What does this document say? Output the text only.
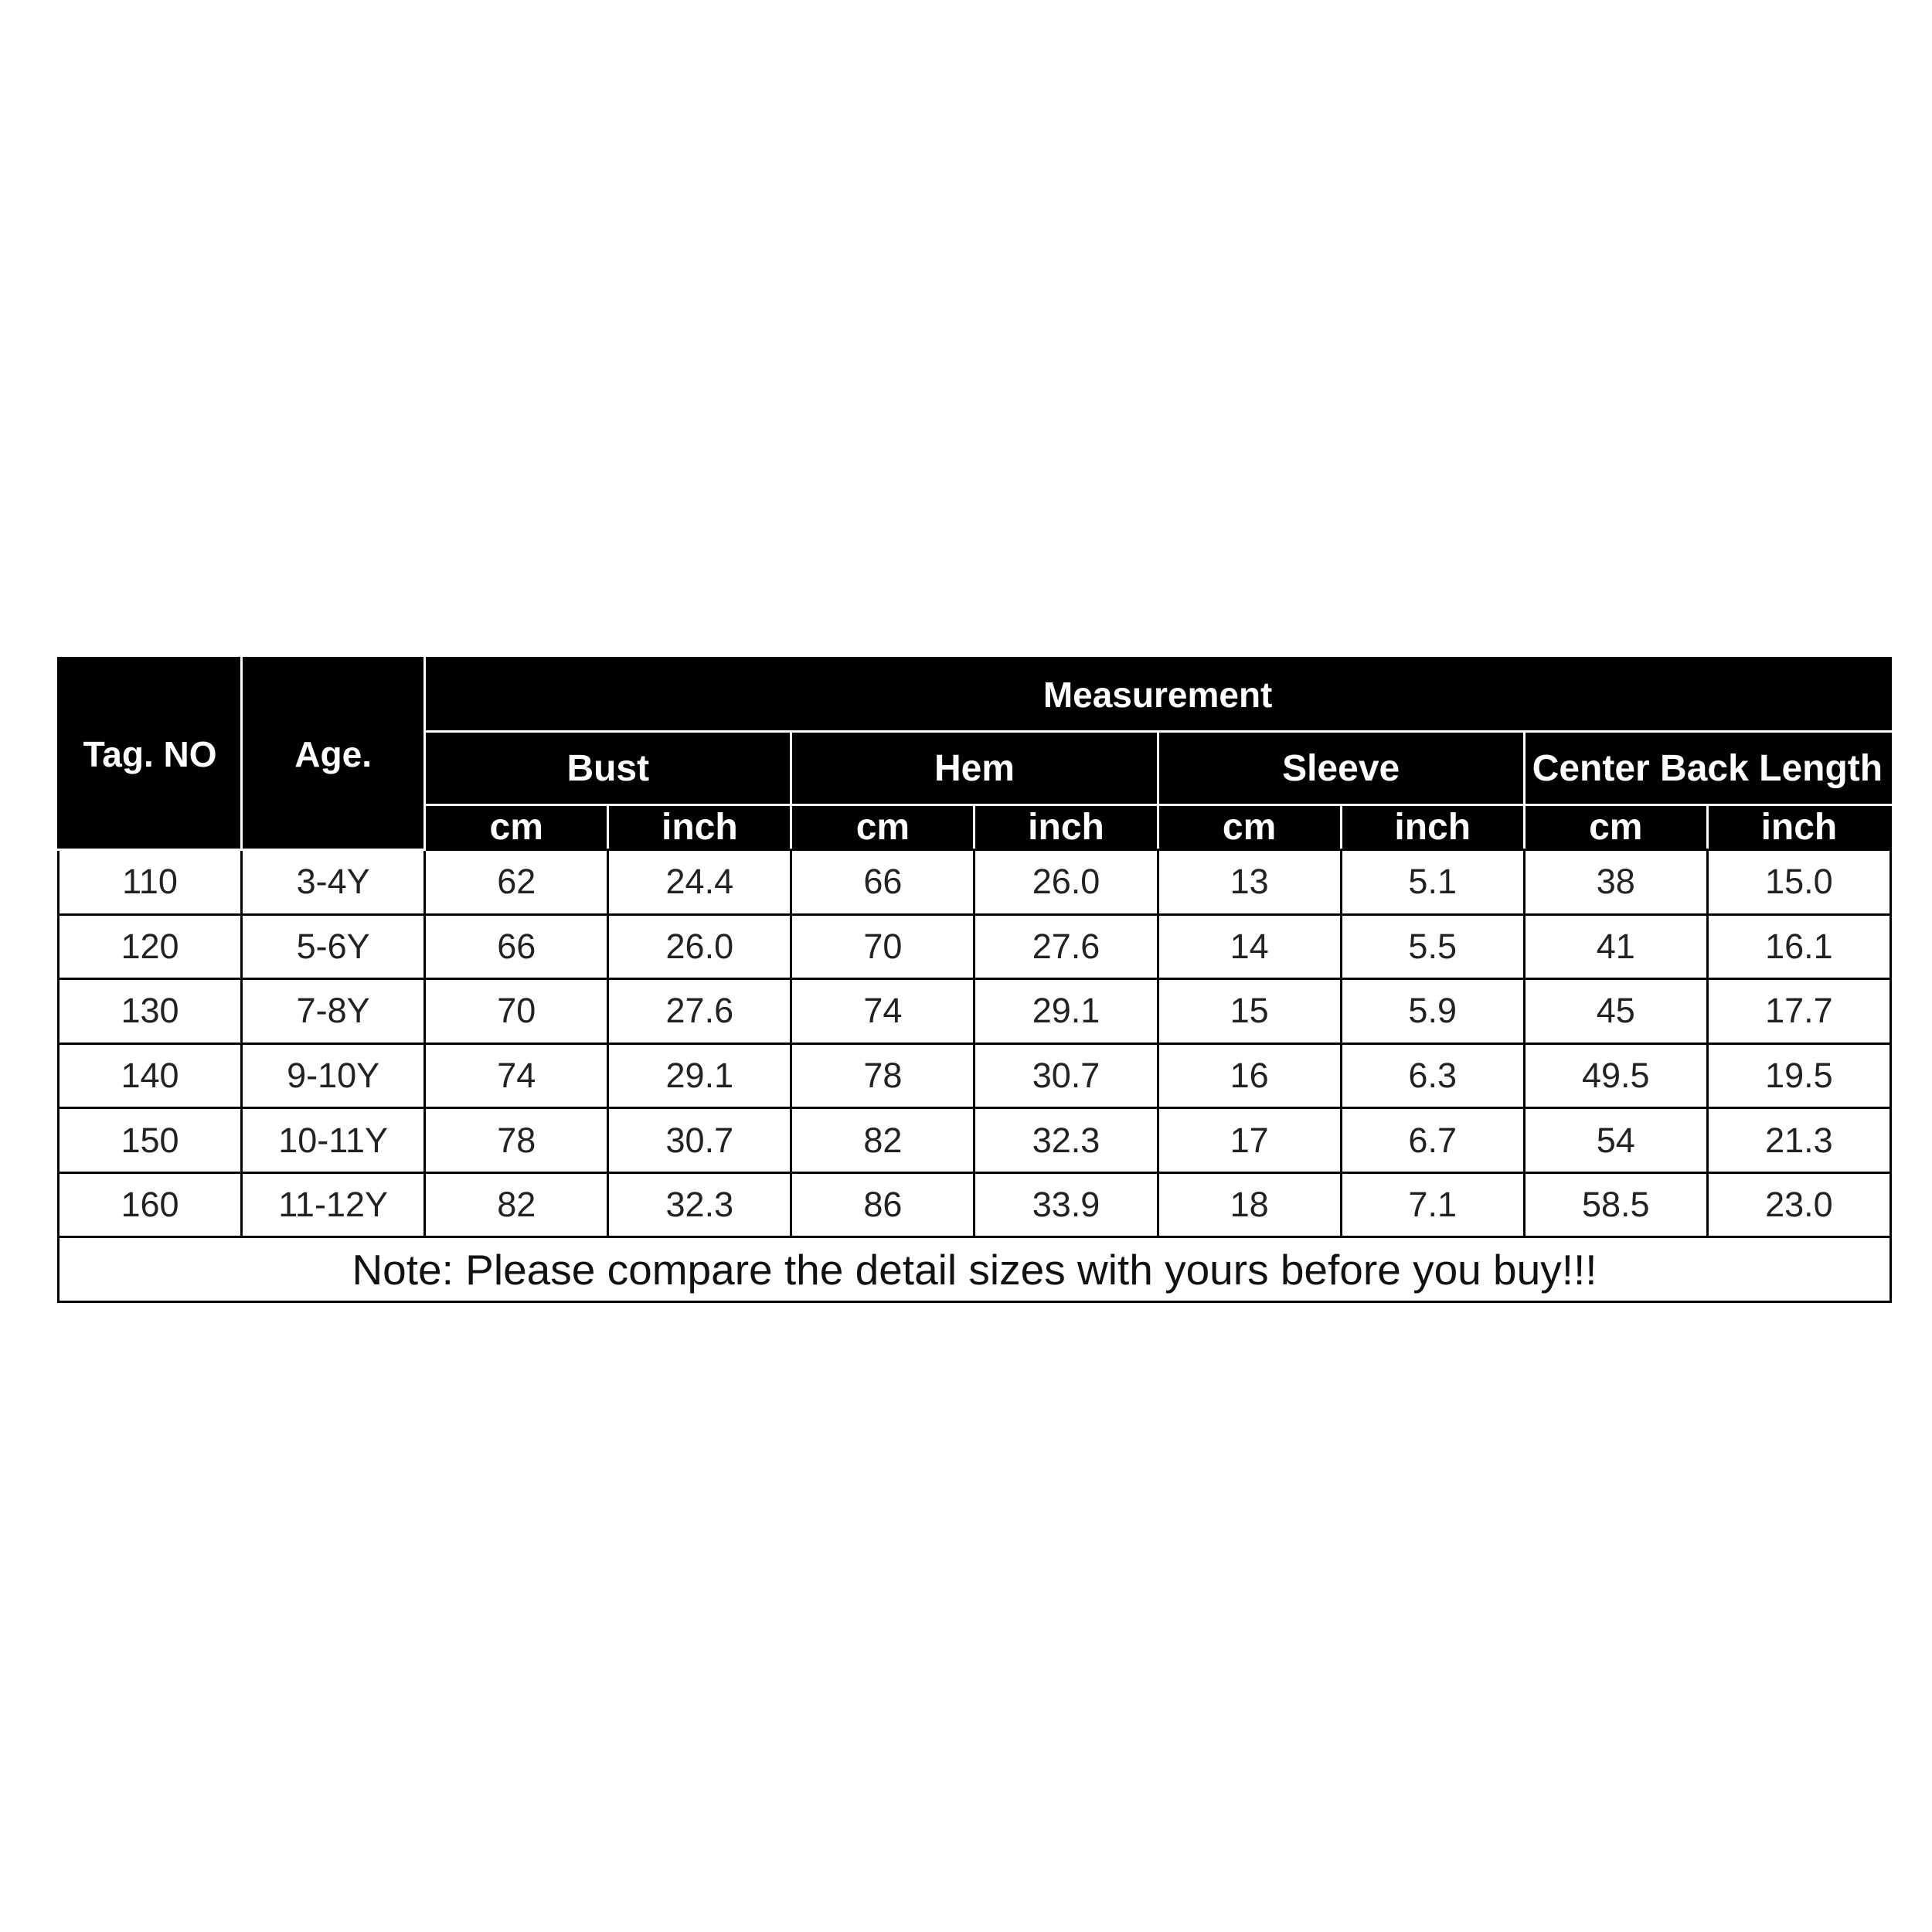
Tag. NO	Age.	Measurement							
		Bust		Hem		Sleeve		Center Back Length	
		cm	inch	cm	inch	cm	inch	cm	inch
110	3-4Y	62	24.4	66	26.0	13	5.1	38	15.0
120	5-6Y	66	26.0	70	27.6	14	5.5	41	16.1
130	7-8Y	70	27.6	74	29.1	15	5.9	45	17.7
140	9-10Y	74	29.1	78	30.7	16	6.3	49.5	19.5
150	10-11Y	78	30.7	82	32.3	17	6.7	54	21.3
160	11-12Y	82	32.3	86	33.9	18	7.1	58.5	23.0
Note: Please compare the detail sizes with yours before you buy!!!									
